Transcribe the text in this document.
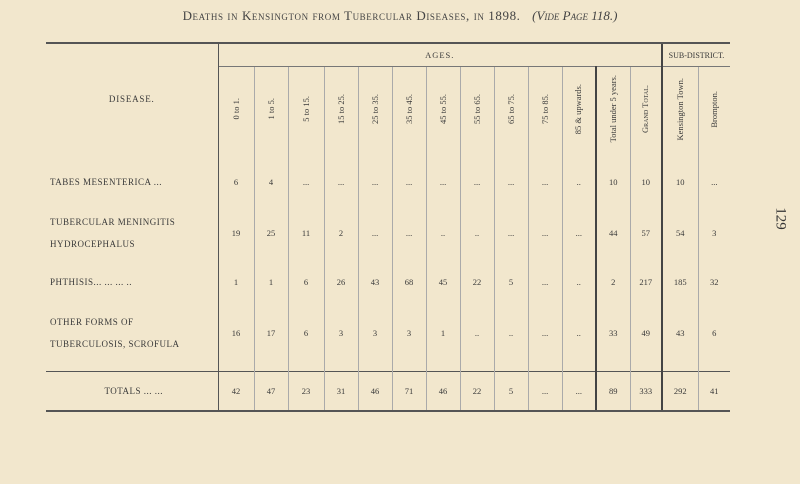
Deaths in Kensington from Tubercular Diseases, in 1898. (Vide Page 118.)
129
DISEASE.	AGES.													SUB-DISTRICT.	
	0 to 1.	1 to 5.	5 to 15.	15 to 25.	25 to 35.	35 to 45.	45 to 55.	55 to 65.	65 to 75.	75 to 85.	85 & upwards.	Total under 5 years.	Grand Total.	Kensington Town.	Brompton.

TABES MESENTERICA ...	6	4	...	...	...	...	...	...	...	...	..	10	10	10	...

TUBERCULAR MENINGITIS
HYDROCEPHALUS	19	25	11	2	...	...	..	..	...	...	...	44	57	54	3

PHTHISIS... ... ... ..	1	1	6	26	43	68	45	22	5	...	..	2	217	185	32

OTHER FORMS OF
TUBERCULOSIS, SCROFULA	16	17	6	3	3	3	1	..	..	...	..	33	49	43	6

TOTALS ... ...	42	47	23	31	46	71	46	22	5	...	...	89	333	292	41
